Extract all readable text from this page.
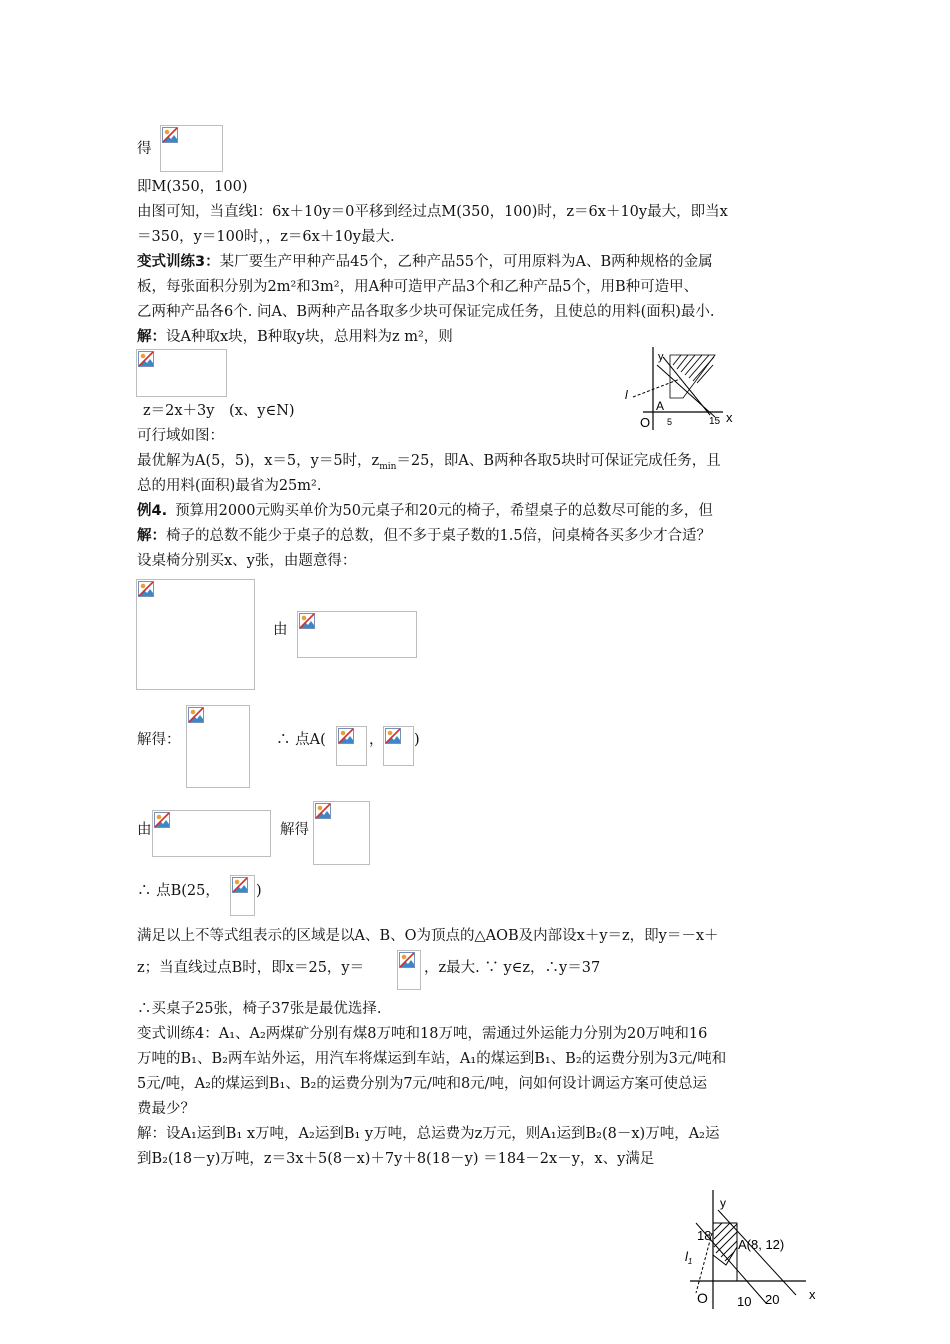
得
即M(350，100)
由图可知，当直线l：6x＋10y＝0平移到经过点M(350，100)时，z＝6x＋10y最大，即当x
＝350，y＝100时，，z＝6x＋10y最大.
变式训练3：某厂要生产甲种产品45个，乙种产品55个，可用原料为A、B两种规格的金属
板，每张面积分别为2m²和3m²，用A种可造甲产品3个和乙种产品5个，用B种可造甲、
乙两种产品各6个. 问A、B两种产品各取多少块可保证完成任务，且使总的用料(面积)最小.
解：设A种取x块，B种取y块，总用料为z m²，则
z＝2x＋3y　(x、y∈N)
可行域如图：
最优解为A(5，5)，x＝5，y＝5时，$z_{min}=25$，即A、B两种各取5块时可保证完成任务，且
总的用料(面积)最省为25m².
y
l
A
O 5	15 x
例4. 预算用2000元购买单价为50元桌子和20元的椅子，希望桌子的总数尽可能的多，但
解：椅子的总数不能少于桌子的总数，但不多于桌子数的1.5倍，问桌椅各买多少才合适？
设桌椅分别买x、y张，由题意得：
由
解得：	∴ 点A(	， )
由	解得
∴ 点B(25， )
满足以上不等式组表示的区域是以A、B、O为顶点的△AOB及内部设x＋y＝z，即y＝－x＋
z；当直线过点B时，即x＝25，y＝	，z最大. ∵ y∈z，∴y＝37
∴买桌子25张，椅子37张是最优选择.
变式训练4：A₁、A₂两煤矿分别有煤8万吨和18万吨，需通过外运能力分别为20万吨和16
万吨的B₁、B₂两车站外运，用汽车将煤运到车站，A₁的煤运到B₁、B₂的运费分别为3元/吨和
5元/吨，A₂的煤运到B₁、B₂的运费分别为7元/吨和8元/吨，问如何设计调运方案可使总运
费最少？
解：设A₁运到B₁ x万吨，A₂运到B₁ y万吨，总运费为z万元，则A₁运到B₂(8－x)万吨，A₂运
到B₂(18－y)万吨，z＝3x＋5(8－x)＋7y＋8(18－y) ＝184－2x－y，x、y满足
y
18
A(8, 12)
$l_1$
O 10 20 x
